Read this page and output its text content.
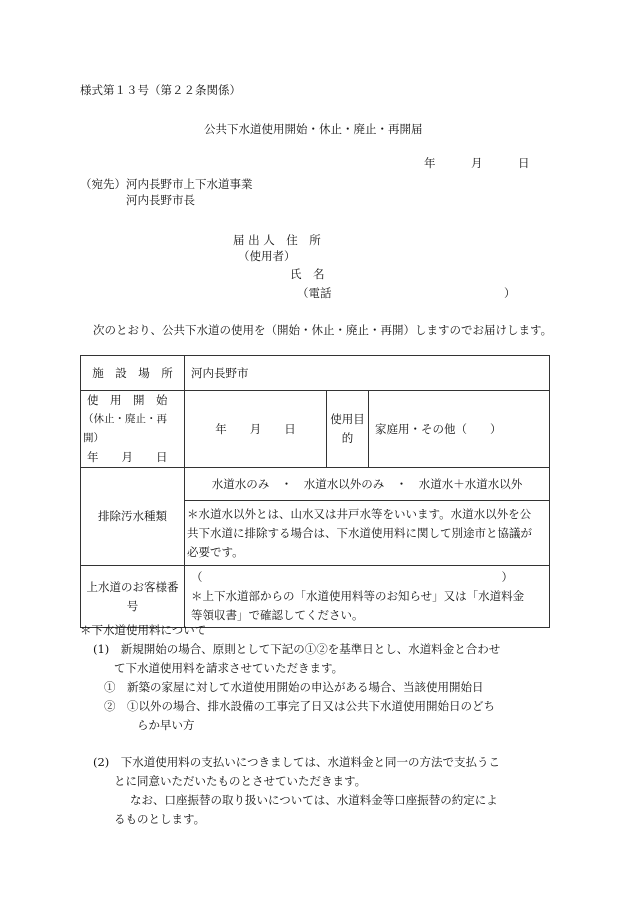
様式第１３号（第２２条関係）
公共下水道使用開始・休止・廃止・再開届
年	月	日
（宛先） 河内長野市上下水道事業
河内長野市長
届 出 人　住　所
（使用者）
氏　名
（電話	）
次のとおり、公共下水道の使用を（開始・休止・廃止・再開）しますのでお届けします。
施　設　場　所	河内長野市		

使　用　開　始
（休止・廃止・再開）
年　　月　　日	年　　月　　日	使用目的	家庭用・その他（　　）
排除汚水種類	水道水のみ　・　水道水以外のみ　・　水道水＋水道水以外		

	＊水道水以外とは、山水又は井戸水等をいいます。水道水以外を公
共下水道に排除する場合は、下水道使用料に関して別途市と協議が
必要です。		

上水道のお客様番号	（ ）
＊上下水道部からの「水道使用料等のお知らせ」又は「水道料金
等領収書」で確認してください。		
＊下水道使用料について
(1)　新規開始の場合、原則として下記の①②を基準日とし、水道料金と合わせ
て下水道使用料を請求させていただきます。
①　新築の家屋に対して水道使用開始の申込がある場合、当該使用開始日
②　①以外の場合、排水設備の工事完了日又は公共下水道使用開始日のどち
らか早い方
(2)　下水道使用料の支払いにつきましては、水道料金と同一の方法で支払うこ
とに同意いただいたものとさせていただきます。
なお、口座振替の取り扱いについては、水道料金等口座振替の約定によ
るものとします。
